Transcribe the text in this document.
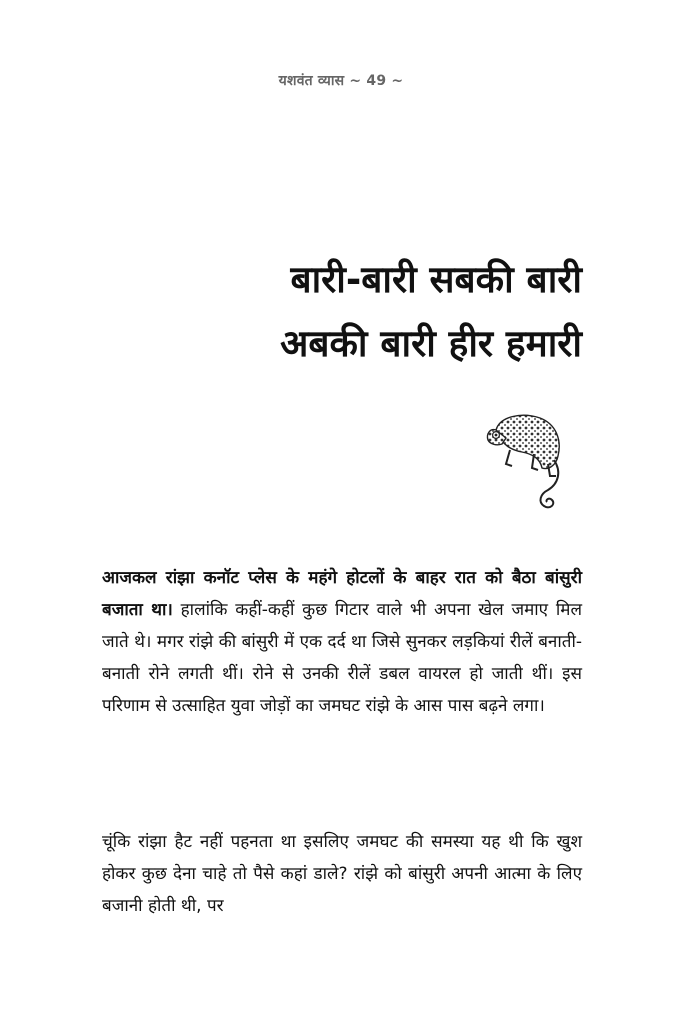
यशवंत व्यास ~ 49 ~
बारी-बारी सबकी बारी
अबकी बारी हीर हमारी
आजकल रांझा कनॉट प्लेस के महंगे होटलों के बाहर रात को बैठा बांसुरी बजाता था। हालांकि कहीं-कहीं कुछ गिटार वाले भी अपना खेल जमाए मिल जाते थे। मगर रांझे की बांसुरी में एक दर्द था जिसे सुनकर लड़कियां रीलें बनाती-बनाती रोने लगती थीं। रोने से उनकी रीलें डबल वायरल हो जाती थीं। इस परिणाम से उत्साहित युवा जोड़ों का जमघट रांझे के आस पास बढ़ने लगा।
चूंकि रांझा हैट नहीं पहनता था इसलिए जमघट की समस्या यह थी कि खुश होकर कुछ देना चाहे तो पैसे कहां डाले? रांझे को बांसुरी अपनी आत्मा के लिए बजानी होती थी, पर
